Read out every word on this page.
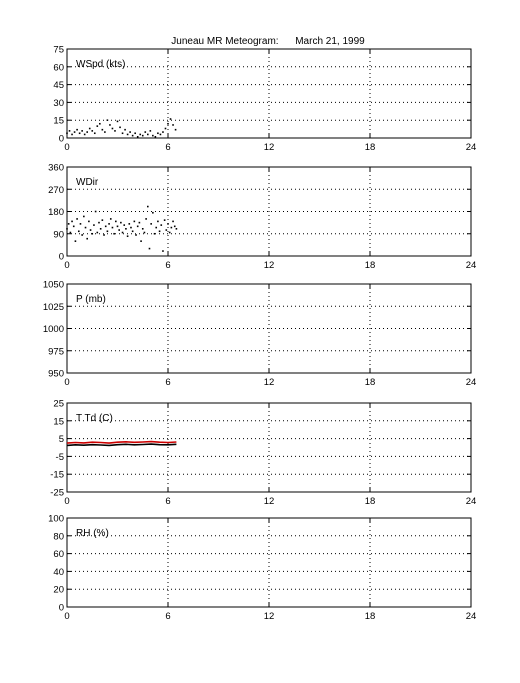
Juneau MR Meteogram:      March 21, 1999
0
15
30
45
60
75
0	6	12	18	24
WSpd (kts)
0
90
180
270
360
0	6	12	18	24
WDir
950
975
1000
1025
1050
0	6	12	18	24
P (mb)
-25
-15
-5
5
15
25
0	6	12	18	24
T Td (C)
0
20
40
60
80
100
0	6	12	18	24
RH (%)
